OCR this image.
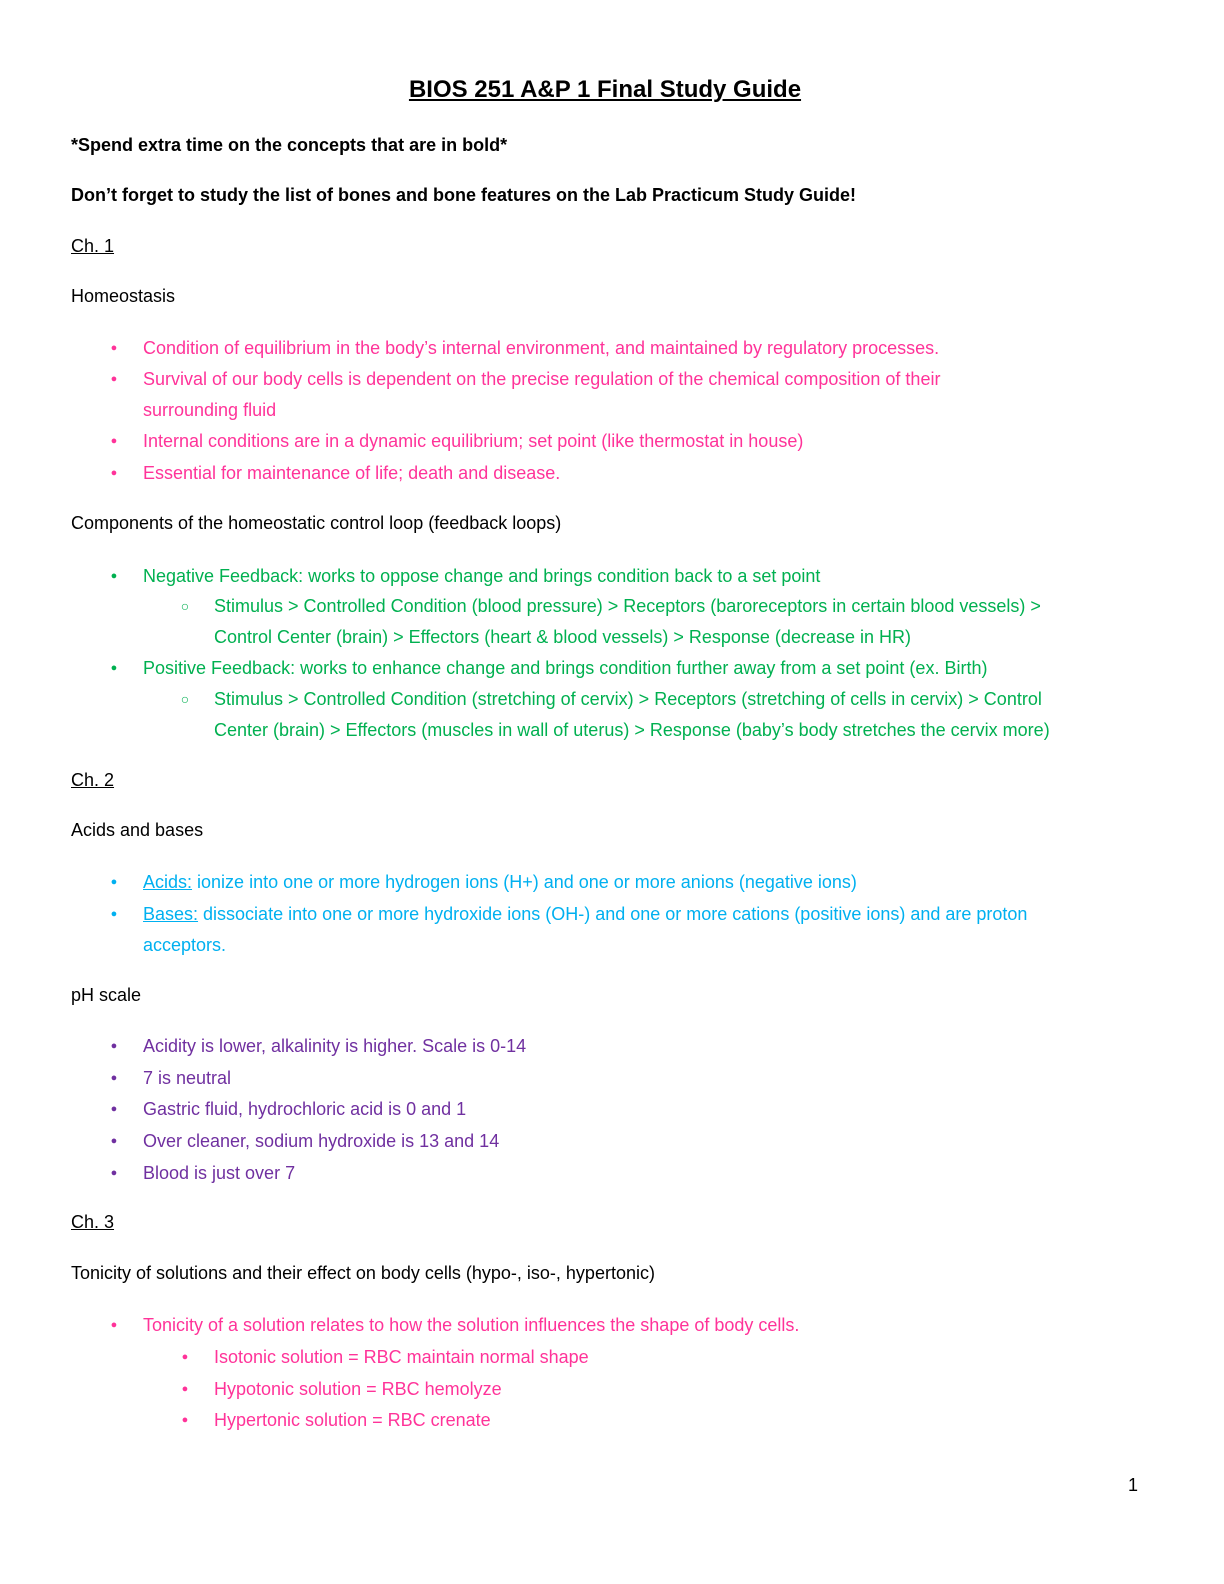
BIOS 251 A&P 1 Final Study Guide
*Spend extra time on the concepts that are in bold*
Don’t forget to study the list of bones and bone features on the Lab Practicum Study Guide!
Ch. 1
Homeostasis
● Condition of equilibrium in the body’s internal environment, and maintained by regulatory processes.
● Survival of our body cells is dependent on the precise regulation of the chemical composition of their
surrounding fluid
● Internal conditions are in a dynamic equilibrium; set point (like thermostat in house)
● Essential for maintenance of life; death and disease.
Components of the homeostatic control loop (feedback loops)
● Negative Feedback: works to oppose change and brings condition back to a set point
○ Stimulus > Controlled Condition (blood pressure) > Receptors (baroreceptors in certain blood vessels) >
Control Center (brain) > Effectors (heart & blood vessels) > Response (decrease in HR)
● Positive Feedback: works to enhance change and brings condition further away from a set point (ex. Birth)
○ Stimulus > Controlled Condition (stretching of cervix) > Receptors (stretching of cells in cervix) > Control
Center (brain) > Effectors (muscles in wall of uterus) > Response (baby’s body stretches the cervix more)
Ch. 2
Acids and bases
● Acids: ionize into one or more hydrogen ions (H+) and one or more anions (negative ions)
● Bases: dissociate into one or more hydroxide ions (OH-) and one or more cations (positive ions) and are proton
acceptors.
pH scale
● Acidity is lower, alkalinity is higher. Scale is 0-14
● 7 is neutral
● Gastric fluid, hydrochloric acid is 0 and 1
● Over cleaner, sodium hydroxide is 13 and 14
● Blood is just over 7
Ch. 3
Tonicity of solutions and their effect on body cells (hypo-, iso-, hypertonic)
● Tonicity of a solution relates to how the solution influences the shape of body cells.
● Isotonic solution = RBC maintain normal shape
● Hypotonic solution = RBC hemolyze
● Hypertonic solution = RBC crenate
1
